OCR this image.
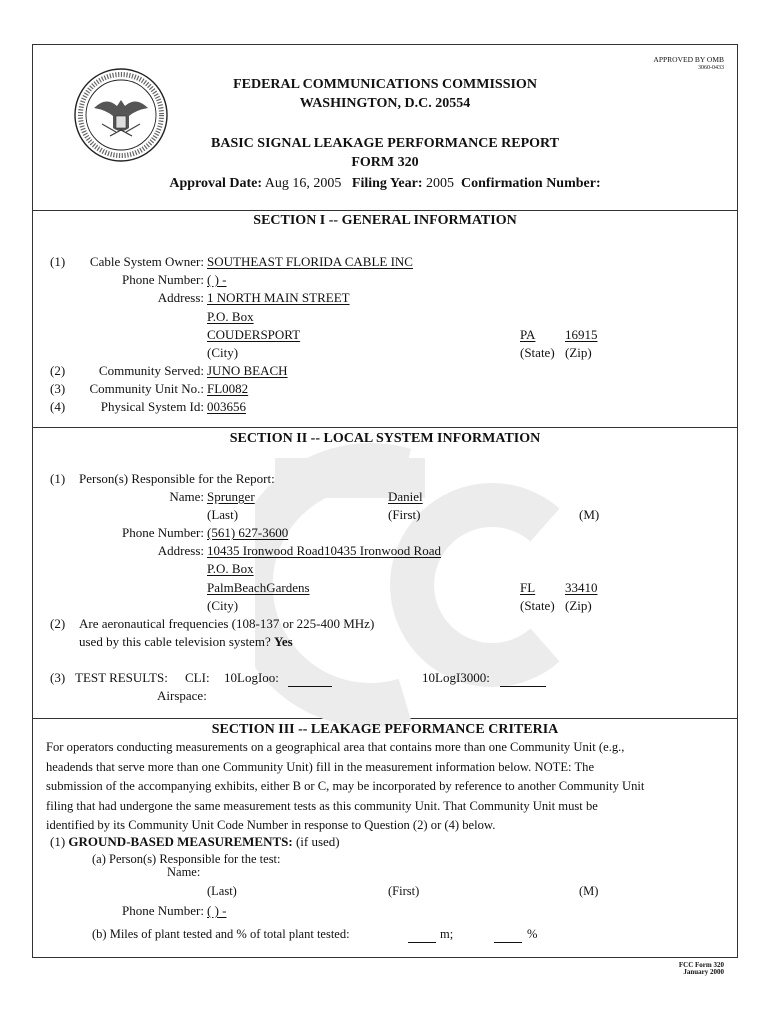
APPROVED BY OMB
3060-0433
FEDERAL COMMUNICATIONS COMMISSION
WASHINGTON, D.C. 20554
BASIC SIGNAL LEAKAGE PERFORMANCE REPORT
FORM 320
Approval Date: Aug 16, 2005 Filing Year: 2005 Confirmation Number:
SECTION I -- GENERAL INFORMATION
(1)	Cable System Owner: SOUTHEAST FLORIDA CABLE INC
Phone Number: ( ) -
Address: 1 NORTH MAIN STREET
P.O. Box
COUDERSPORT	PA 16915
(City)	(State) (Zip)
(2)	Community Served: JUNO BEACH
(3)	Community Unit No.: FL0082
(4)	Physical System Id: 003656
SECTION II -- LOCAL SYSTEM INFORMATION
(1) Person(s) Responsible for the Report:
Name: Sprunger	Daniel
(Last)	(First)	(M)
Phone Number: (561) 627-3600
Address: 10435 Ironwood Road10435 Ironwood Road
P.O. Box
PalmBeachGardens	FL 33410
(City)	(State) (Zip)
(2) Are aeronautical frequencies (108-137 or 225-400 MHz)
used by this cable television system? Yes
(3) TEST RESULTS: CLI: 10LogIoo:	10LogI3000:
Airspace:
SECTION III -- LEAKAGE PEFORMANCE CRITERIA
For operators conducting measurements on a geographical area that contains more than one Community Unit (e.g.,
headends that serve more than one Community Unit) fill in the measurement information below. NOTE: The
submission of the accompanying exhibits, either B or C, may be incorporated by reference to another Community Unit
filing that had undergone the same measurement tests as this community Unit. That Community Unit must be
identified by its Community Unit Code Number in response to Question (2) or (4) below.
(1) GROUND-BASED MEASUREMENTS: (if used)
(a) Person(s) Responsible for the test:
Name:
(Last)	(First)	(M)
Phone Number: ( ) -
(b) Miles of plant tested and % of total plant tested:	m;	%
FCC Form 320
January 2000
